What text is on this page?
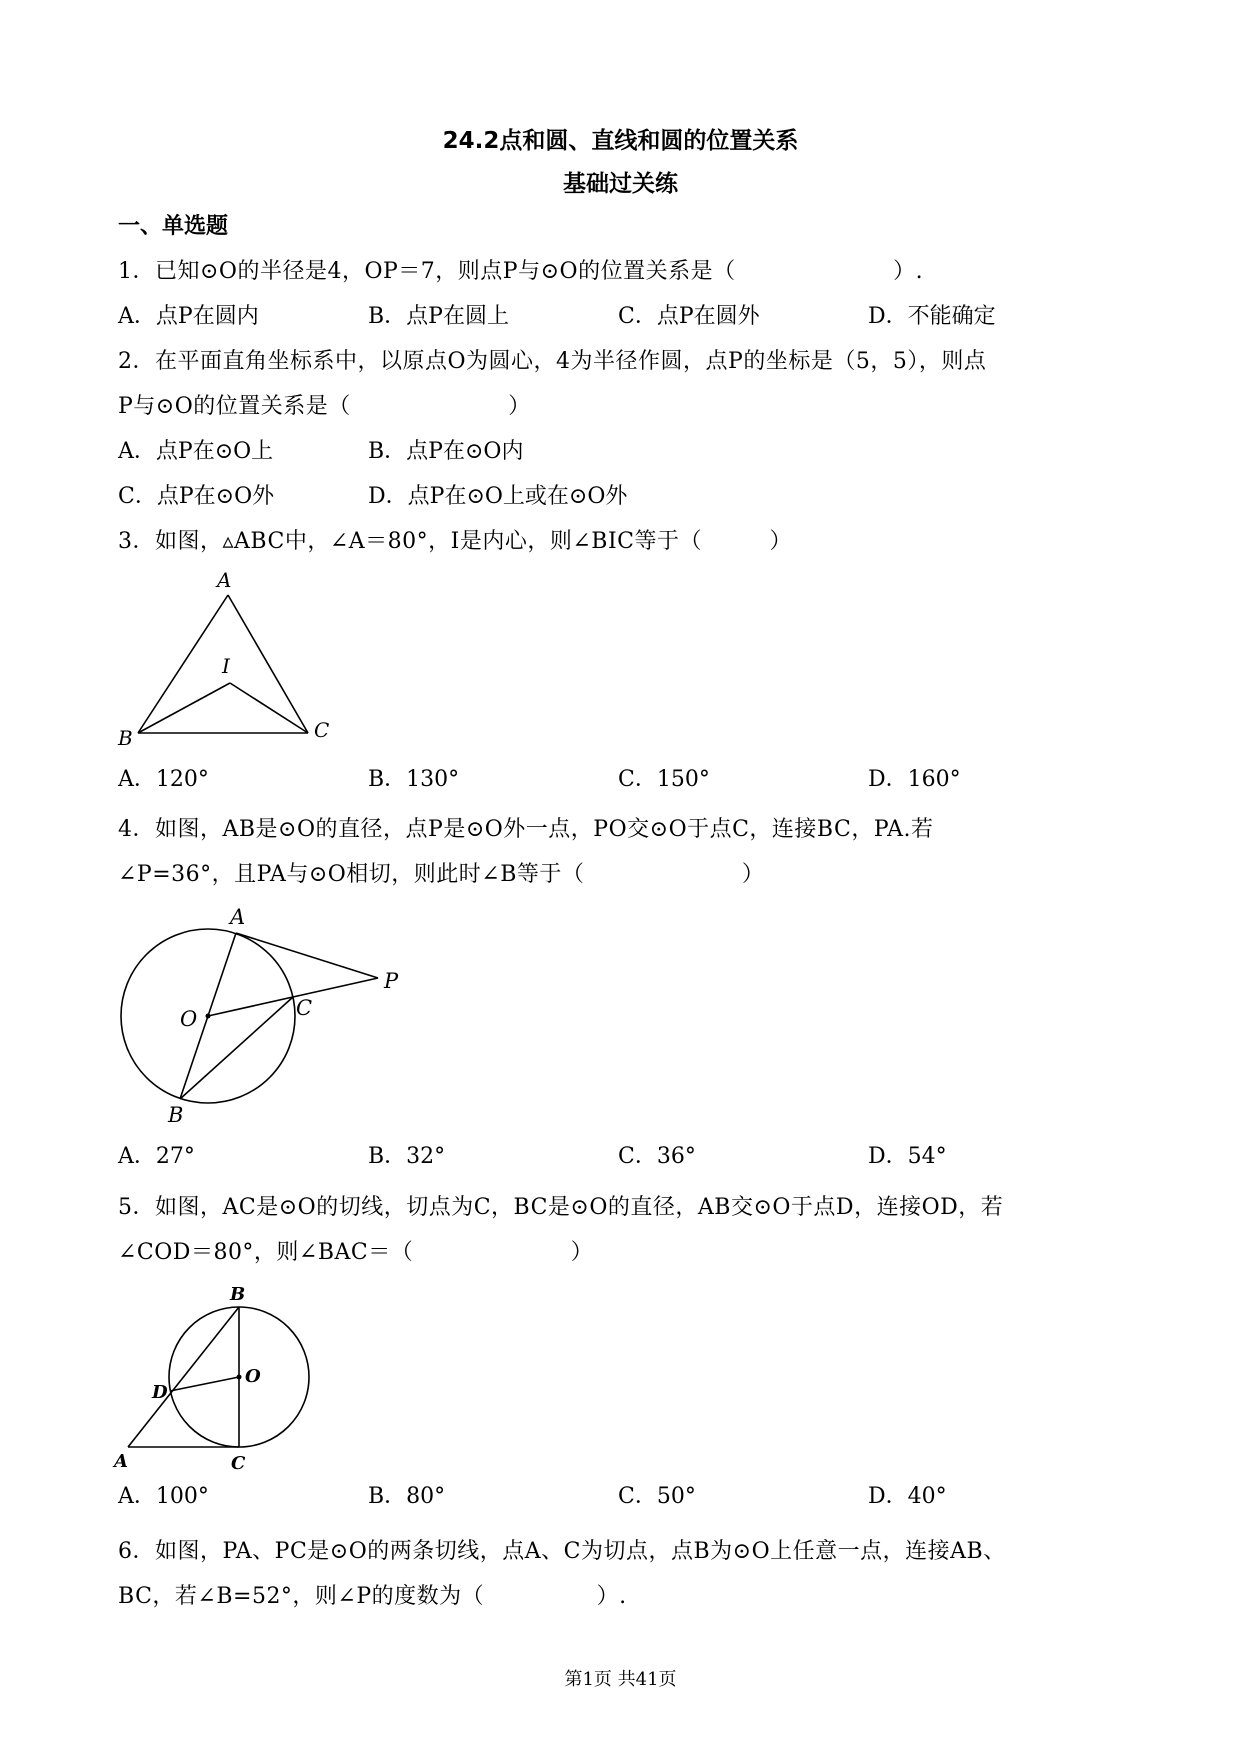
24.2点和圆、直线和圆的位置关系
基础过关练
一、单选题
1．已知⊙O的半径是4，OP＝7，则点P与⊙O的位置关系是（　　　　　　　）.
A．点P在圆内	B．点P在圆上	C．点P在圆外	D．不能确定
2．在平面直角坐标系中，以原点O为圆心，4为半径作圆，点P的坐标是（5，5），则点
P与⊙O的位置关系是（　　　　　　　）
A．点P在⊙O上	B．点P在⊙O内
C．点P在⊙O外	D．点P在⊙O上或在⊙O外
3．如图，▵ABC中，∠A＝80°，I是内心，则∠BIC等于（　　　）
A
I
B	C
A．120°	B．130°	C．150°	D．160°
4．如图，AB是⊙O的直径，点P是⊙O外一点，PO交⊙O于点C，连接BC，PA.若
∠P=36°，且PA与⊙O相切，则此时∠B等于（　　　　　　　）
A
P
O	C
B
A．27°	B．32°	C．36°	D．54°
5．如图，AC是⊙O的切线，切点为C，BC是⊙O的直径，AB交⊙O于点D，连接OD，若
∠COD＝80°，则∠BAC＝（　　　　　　　）
B
O
D
A	C
A．100°	B．80°	C．50°	D．40°
6．如图，PA、PC是⊙O的两条切线，点A、C为切点，点B为⊙O上任意一点，连接AB、
BC，若∠B=52°，则∠P的度数为（　　　　　）.
第1页 共41页
